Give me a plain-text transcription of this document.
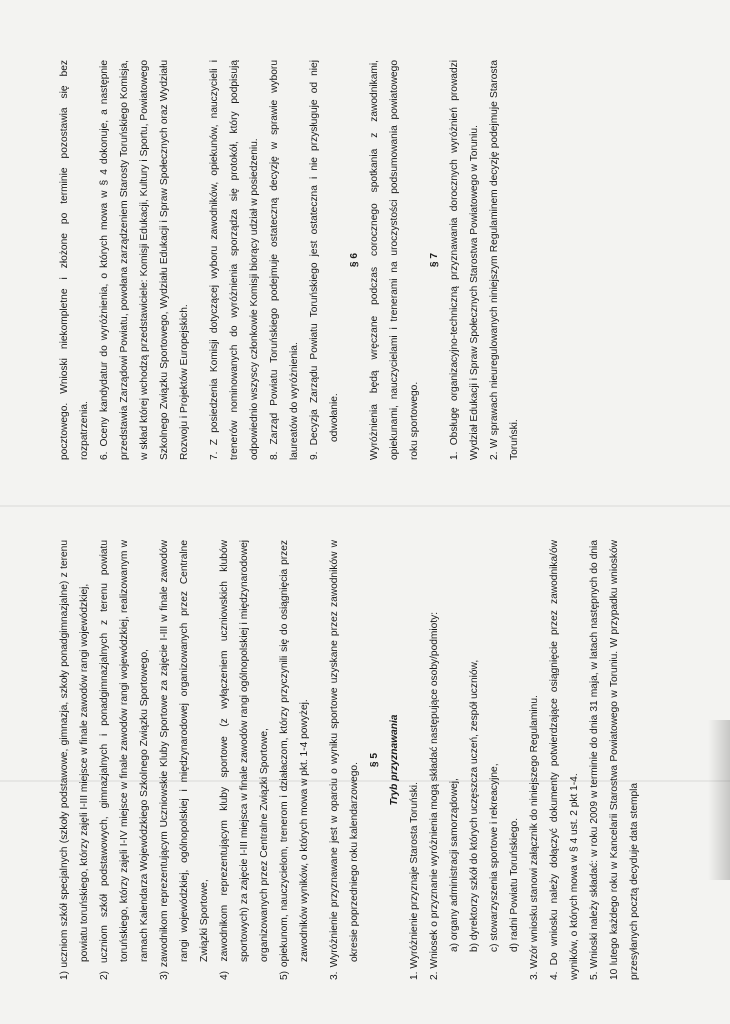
1) uczniom szkół specjalnych (szkoły podstawowe, gimnazja, szkoły ponadgimnazjalne) z terenu powiatu toruńskiego, którzy zajęli I-III miejsce w finale zawodów rangi wojewódzkiej, 2) uczniom szkół podstawowych, gimnazjalnych i ponadgimnazjalnych z terenu powiatu toruńskiego, którzy zajęli I-IV miejsce w finale zawodów rangi wojewódzkiej, realizowanym w ramach Kalendarza Wojewódzkiego Szkolnego Związku Sportowego, 3) zawodnikom reprezentującym Uczniowskie Kluby Sportowe za zajęcie I-III w finale zawodów rangi wojewódzkiej, ogólnopolskiej i międzynarodowej organizowanych przez Centralne Związki Sportowe, 4) zawodnikom reprezentującym kluby sportowe (z wyłączeniem uczniowskich klubów sportowych) za zajęcie I-III miejsca w finale zawodów rangi ogólnopolskiej i międzynarodowej organizowanych przez Centralne Związki Sportowe, 5) opiekunom, nauczycielom, trenerom i działaczom, którzy przyczynili się do osiągnięcia przez zawodników wyników, o których mowa w pkt. 1-4 powyżej.	3. Wyróżnienie przyznawane jest w oparciu o wyniku sportowe uzyskane przez zawodników w okresie poprzedniego roku kalendarzowego.

§ 5 Tryb przyznawania

1. Wyróżnienie przyznaje Starosta Toruński. 2. Wniosek o przyznanie wyróżnienia mogą składać następujące osoby/podmioty: a) organy administracji samorządowej, b) dyrektorzy szkół do których uczęszcza uczeń, zespół uczniów, c) stowarzyszenia sportowe i rekreacyjne, d) radni Powiatu Toruńskiego. 3. Wzór wniosku stanowi załącznik do niniejszego Regulaminu. 4. Do wniosku należy dołączyć dokumenty potwierdzające osiągnięcie przez zawodnika/ów wyników, o których mowa w § 4 ust. 2 pkt 1-4. 5. Wnioski należy składać: w roku 2009 w terminie do dnia 31 maja, w latach następnych do dnia 10 lutego każdego roku w Kancelarii Starostwa Powiatowego w Toruniu. W przypadku wniosków przesyłanych pocztą decyduje data stempla

pocztowego. Wnioski niekompletne i złożone po terminie pozostawia się bez rozpatrzenia. 6. Oceny kandydatur do wyróżnienia, o których mowa w § 4 dokonuje, a następnie przedstawia Zarządowi Powiatu, powołana zarządzeniem Starosty Toruńskiego Komisja, w skład której wchodzą przedstawiciele: Komisji Edukacji, Kultury i Sportu, Powiatowego Szkolnego Związku Sportowego, Wydziału Edukacji i Spraw Społecznych oraz Wydziału Rozwoju i Projektów Europejskich.	7. Z posiedzenia Komisji dotyczącej wyboru zawodników, opiekunów, nauczycieli i trenerów nominowanych do wyróżnienia sporządza się protokół, który podpisują odpowiednio wszyscy członkowie Komisji biorący udział w posiedzeniu. 8. Zarząd Powiatu Toruńskiego podejmuje ostateczną decyzję w sprawie wyboru laureatów do wyróżnienia. 9. Decyzja Zarządu Powiatu Toruńskiego jest ostateczna i nie przysługuje od niej odwołanie.

§ 6 Wyróżnienia będą wręczane podczas corocznego spotkania z zawodnikami, opiekunami, nauczycielami i trenerami na uroczystości podsumowania powiatowego roku sportowego.

§ 7 1. Obsługę organizacyjno-techniczną przyznawania dorocznych wyróżnień prowadzi Wydział Edukacji i Spraw Społecznych Starostwa Powiatowego w Toruniu. 2. W sprawach nieuregulowanych niniejszym Regulaminem decyzję podejmuje Starosta Toruński.
